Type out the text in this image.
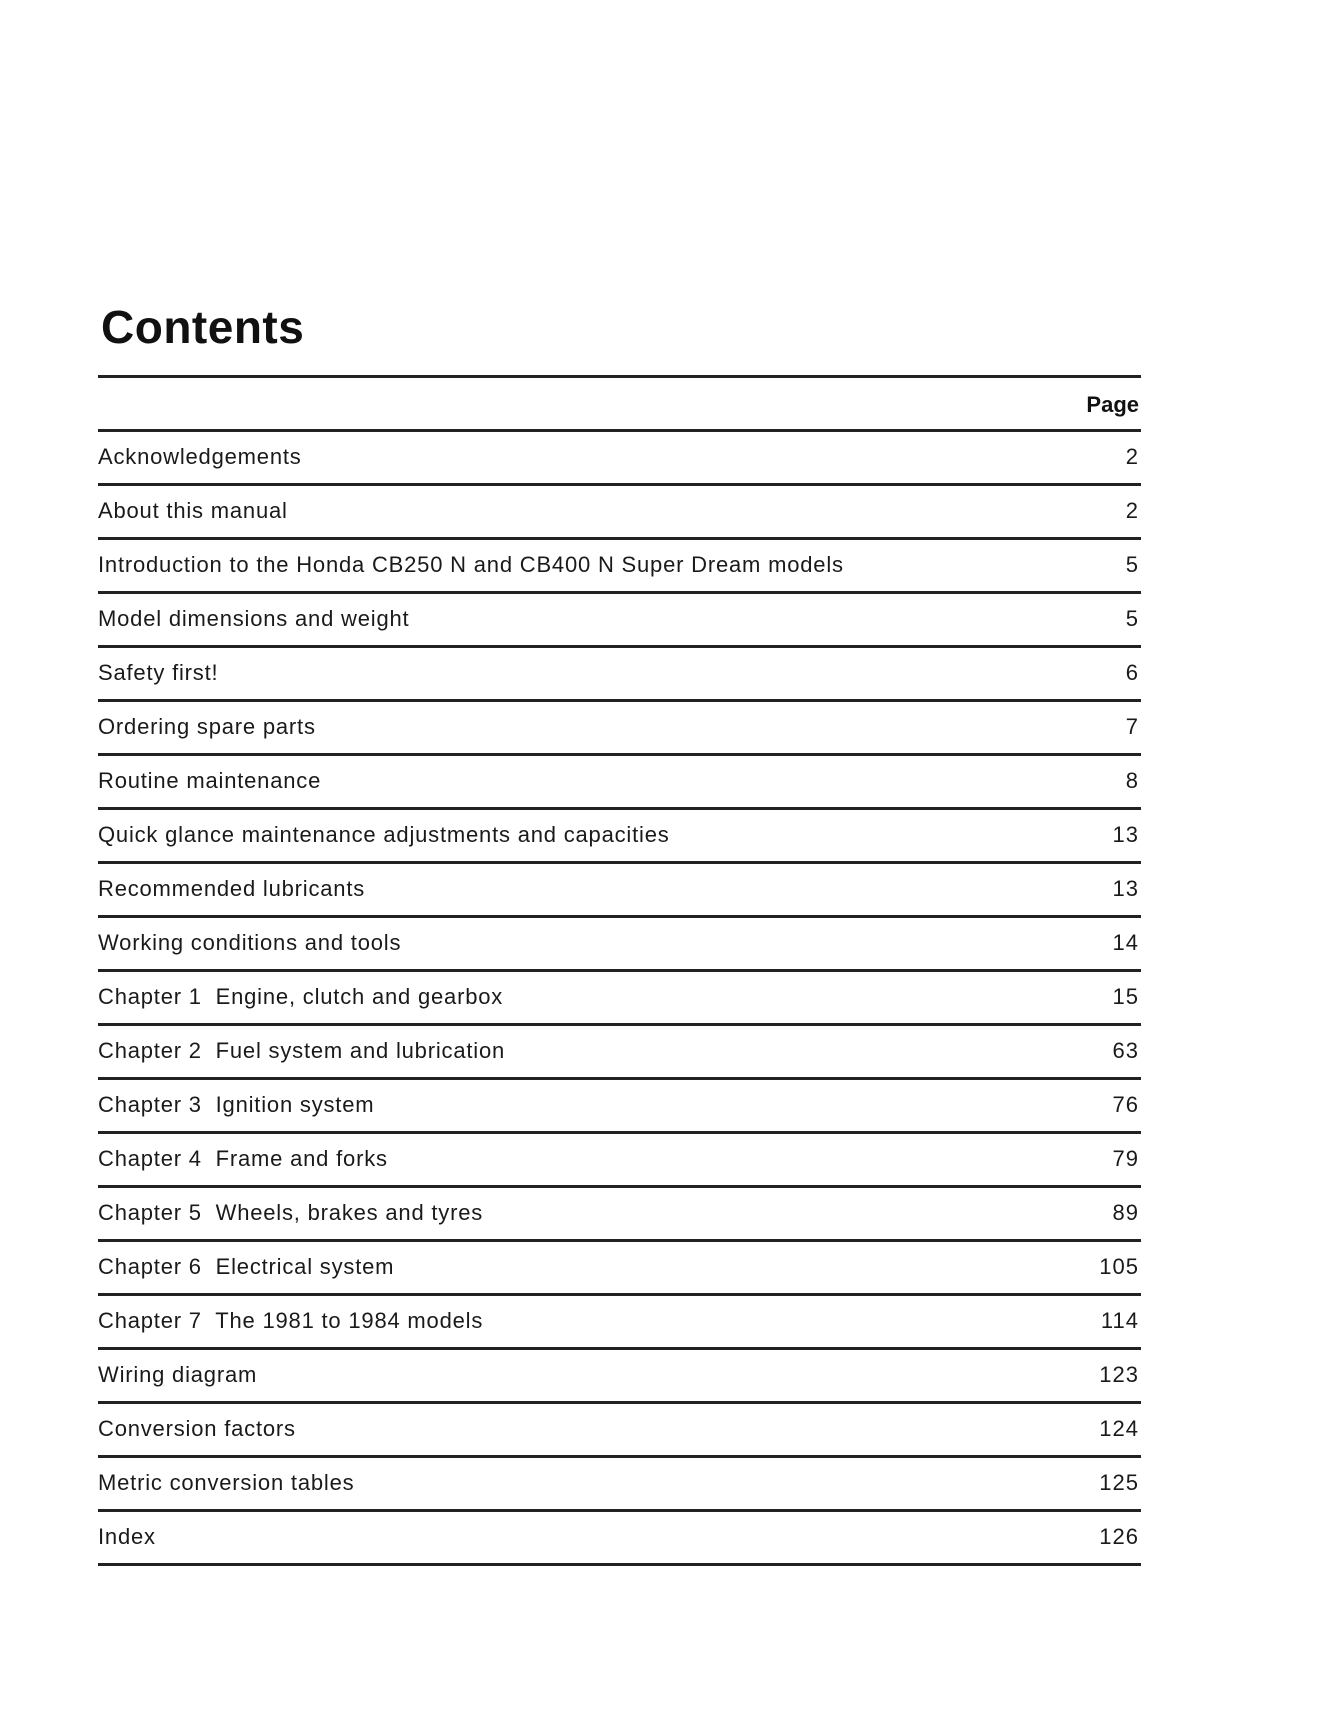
Contents
Page
Acknowledgements	2
About this manual	2
Introduction to the Honda CB250 N and CB400 N Super Dream models	5
Model dimensions and weight	5
Safety first!	6
Ordering spare parts	7
Routine maintenance	8
Quick glance maintenance adjustments and capacities	13
Recommended lubricants	13
Working conditions and tools	14
Chapter 1  Engine, clutch and gearbox	15
Chapter 2  Fuel system and lubrication	63
Chapter 3  Ignition system	76
Chapter 4  Frame and forks	79
Chapter 5  Wheels, brakes and tyres	89
Chapter 6  Electrical system	105
Chapter 7  The 1981 to 1984 models	114
Wiring diagram	123
Conversion factors	124
Metric conversion tables	125
Index	126
